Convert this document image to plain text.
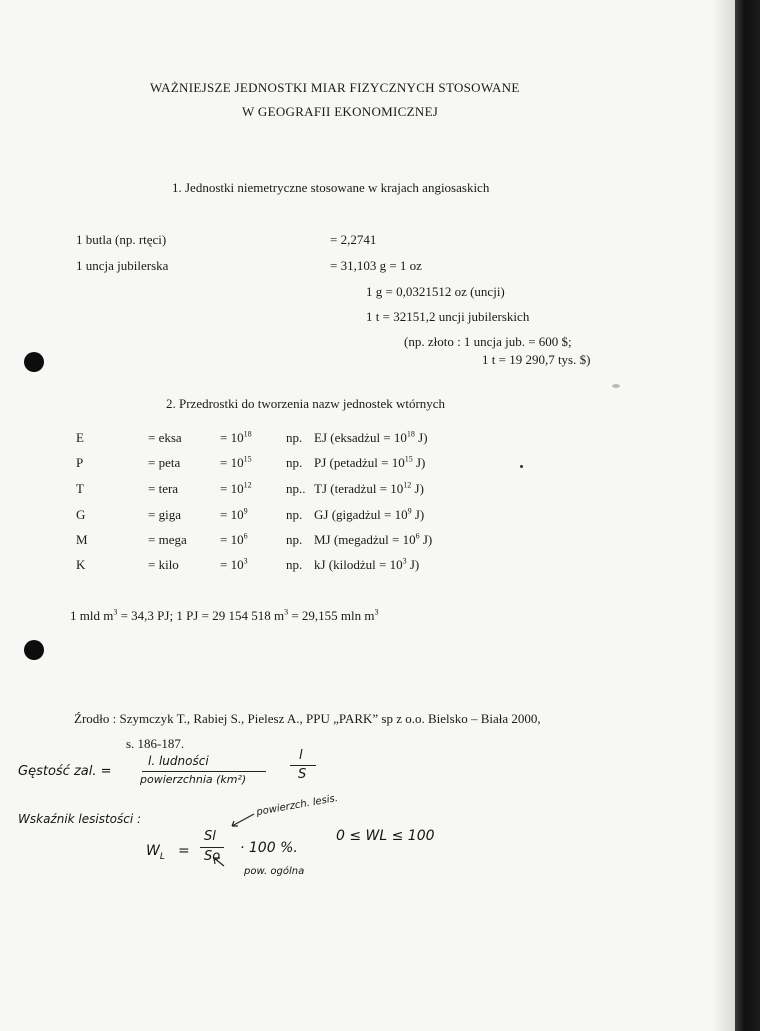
WAŻNIEJSZE JEDNOSTKI MIAR FIZYCZNYCH STOSOWANE
W GEOGRAFII EKONOMICZNEJ
1. Jednostki niemetryczne stosowane w krajach angiosaskich
1 butla (np. rtęci)	= 2,2741
1 uncja jubilerska	= 31,103 g = 1 oz
1 g = 0,0321512 oz (uncji)
1 t = 32151,2 uncji jubilerskich
(np. złoto : 1 uncja jub. = 600 $;
1 t = 19 290,7 tys. $)
2. Przedrostki do tworzenia nazw jednostek wtórnych
E	= eksa	= $10^{18}$	np. EJ (eksadżul = $10^{18}$ J)
P	= peta	= $10^{15}$	np. PJ (petadżul = $10^{15}$ J)
T	= tera	= $10^{12}$	np.. TJ (teradżul = $10^{12}$ J)
G	= giga	= $10^9$	np. GJ (gigadżul = $10^9$ J)
M	= mega	= $10^6$	np. MJ (megadżul = $10^6$ J)
K	= kilo	= $10^3$	np. kJ (kilodżul = $10^3$ J)
1 mld $m^3 = 34,3$ PJ; 1 PJ = 29 154 518 $m^3 = 29,155$ mln $m^3$
Źrodło : Szymczyk T., Rabiej S., Pielesz A., PPU „PARK” sp z o.o. Bielsko – Biała 2000,
s. 186-187.
Gęstość zal. =
l. ludności
powierzchnia (km²)
l
S
Wskaźnik lesistości :
powierzch. lesis.
$W_L$ =
Sl
So
· 100 %.
0 ≤ WL ≤ 100
pow. ogólna
